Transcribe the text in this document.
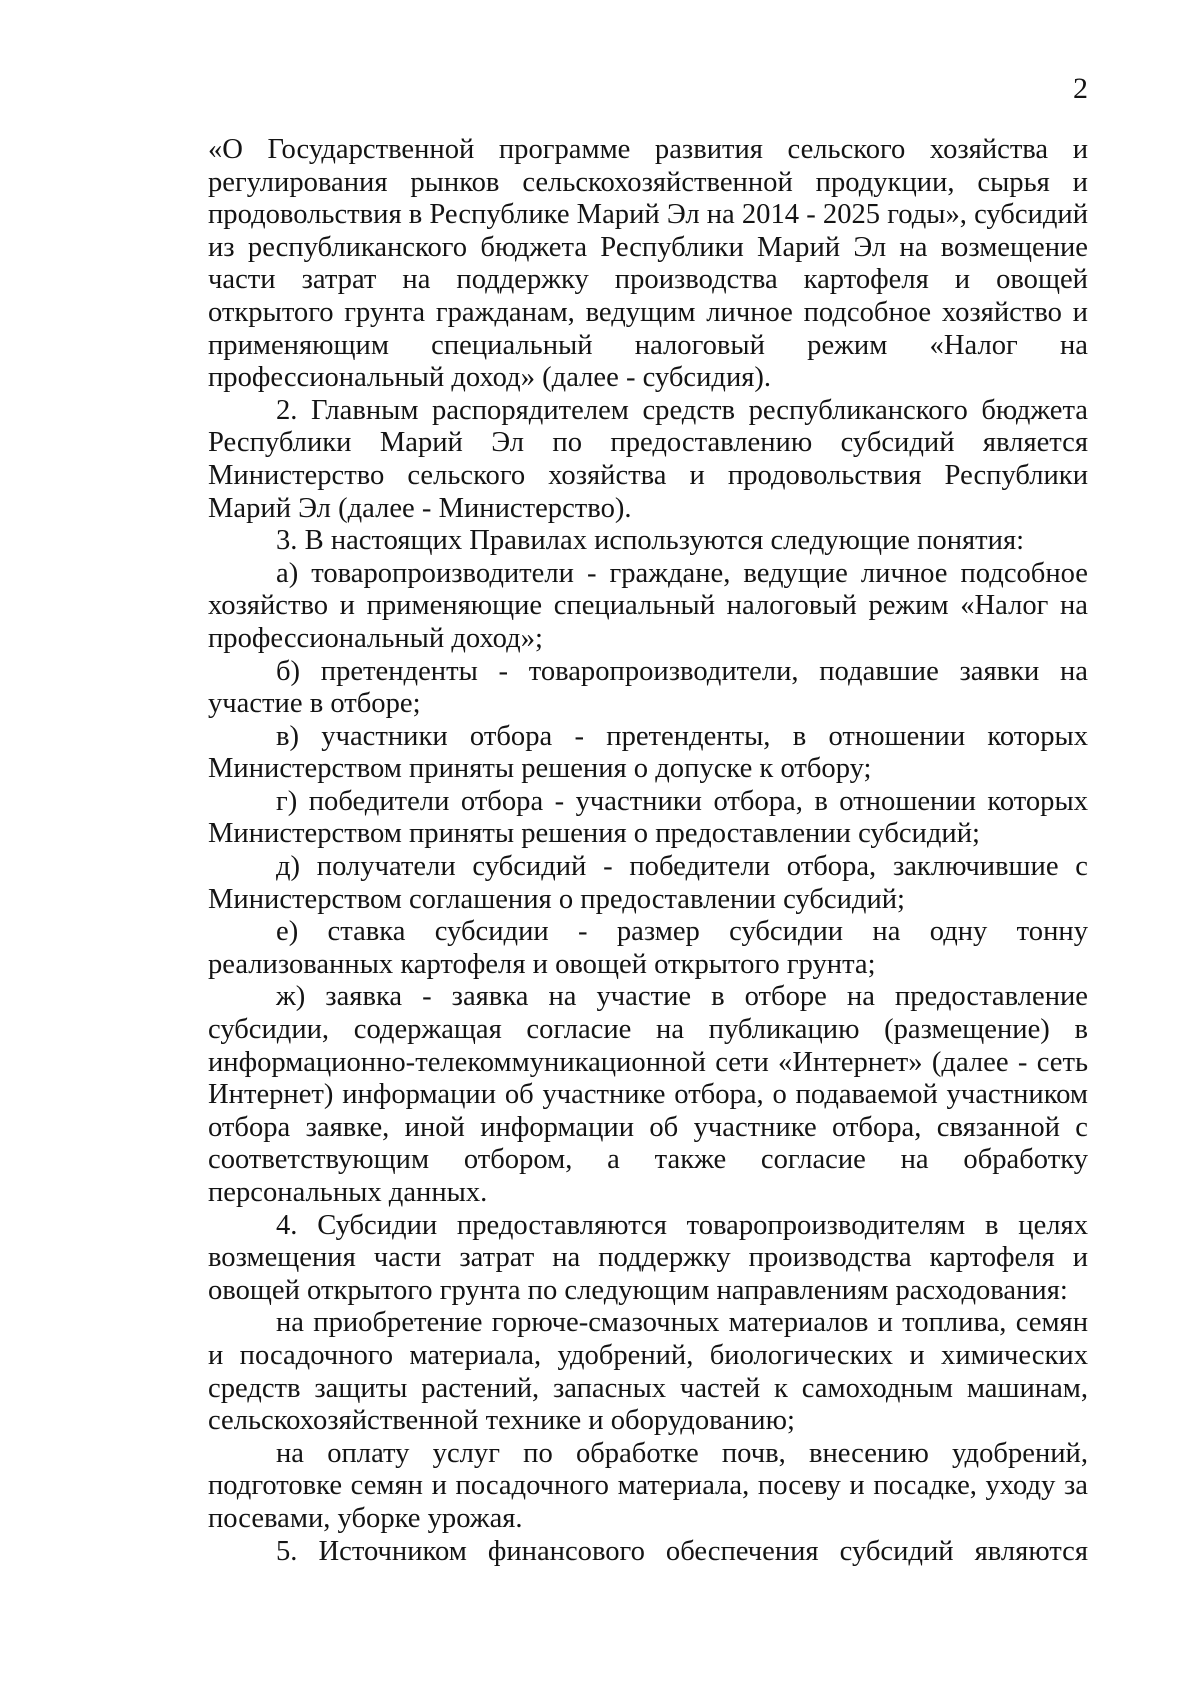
2

«О Государственной программе развития сельского хозяйства и регулирования рынков сельскохозяйственной продукции, сырья и продовольствия в Республике Марий Эл на 2014 - 2025 годы», субсидий из республиканского бюджета Республики Марий Эл на возмещение части затрат на поддержку производства картофеля и овощей открытого грунта гражданам, ведущим личное подсобное хозяйство и применяющим специальный налоговый режим «Налог на профессиональный доход» (далее - субсидия).

2. Главным распорядителем средств республиканского бюджета Республики Марий Эл по предоставлению субсидий является Министерство сельского хозяйства и продовольствия Республики Марий Эл (далее - Министерство).

3. В настоящих Правилах используются следующие понятия:

а) товаропроизводители - граждане, ведущие личное подсобное хозяйство и применяющие специальный налоговый режим «Налог на профессиональный доход»;

б) претенденты - товаропроизводители, подавшие заявки на участие в отборе;

в) участники отбора - претенденты, в отношении которых Министерством приняты решения о допуске к отбору;

г) победители отбора - участники отбора, в отношении которых Министерством приняты решения о предоставлении субсидий;

д) получатели субсидий - победители отбора, заключившие с Министерством соглашения о предоставлении субсидий;

е) ставка субсидии - размер субсидии на одну тонну реализованных картофеля и овощей открытого грунта;

ж) заявка - заявка на участие в отборе на предоставление субсидии, содержащая согласие на публикацию (размещение) в информационно-телекоммуникационной сети «Интернет» (далее - сеть Интернет) информации об участнике отбора, о подаваемой участником отбора заявке, иной информации об участнике отбора, связанной с соответствующим отбором, а также согласие на обработку персональных данных.

4. Субсидии предоставляются товаропроизводителям в целях возмещения части затрат на поддержку производства картофеля и овощей открытого грунта по следующим направлениям расходования:

на приобретение горюче-смазочных материалов и топлива, семян и посадочного материала, удобрений, биологических и химических средств защиты растений, запасных частей к самоходным машинам, сельскохозяйственной технике и оборудованию;

на оплату услуг по обработке почв, внесению удобрений, подготовке семян и посадочного материала, посеву и посадке, уходу за посевами, уборке урожая.

5. Источником финансового обеспечения субсидий являются
